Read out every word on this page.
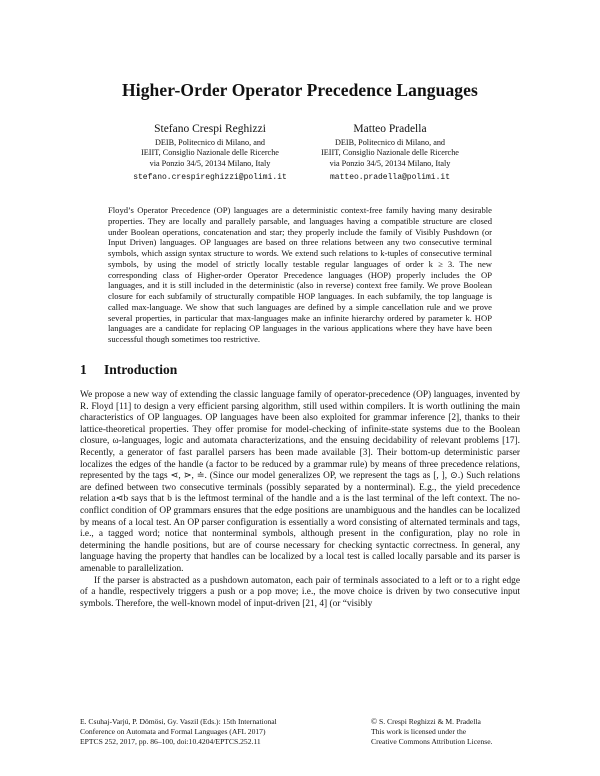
Higher-Order Operator Precedence Languages
Stefano Crespi Reghizzi
DEIB, Politecnico di Milano, and
IEIIT, Consiglio Nazionale delle Ricerche
via Ponzio 34/5, 20134 Milano, Italy
stefano.crespireghizzi@polimi.it
Matteo Pradella
DEIB, Politecnico di Milano, and
IEIIT, Consiglio Nazionale delle Ricerche
via Ponzio 34/5, 20134 Milano, Italy
matteo.pradella@polimi.it

Floyd’s Operator Precedence (OP) languages are a deterministic context-free family having many desirable properties. They are locally and parallely parsable, and languages having a compatible structure are closed under Boolean operations, concatenation and star; they properly include the family of Visibly Pushdown (or Input Driven) languages. OP languages are based on three relations between any two consecutive terminal symbols, which assign syntax structure to words. We extend such relations to k-tuples of consecutive terminal symbols, by using the model of strictly locally testable regular languages of order k ≥ 3. The new corresponding class of Higher-order Operator Precedence languages (HOP) properly includes the OP languages, and it is still included in the deterministic (also in reverse) context free family. We prove Boolean closure for each subfamily of structurally compatible HOP languages. In each subfamily, the top language is called max-language. We show that such languages are defined by a simple cancellation rule and we prove several properties, in particular that max-languages make an infinite hierarchy ordered by parameter k. HOP languages are a candidate for replacing OP languages in the various applications where they have have been successful though sometimes too restrictive.

1 Introduction

We propose a new way of extending the classic language family of operator-precedence (OP) languages, invented by R. Floyd [11] to design a very efficient parsing algorithm, still used within compilers. It is worth outlining the main characteristics of OP languages. OP languages have been also exploited for grammar inference [2], thanks to their lattice-theoretical properties. They offer promise for model-checking of infinite-state systems due to the Boolean closure, ω-languages, logic and automata characterizations, and the ensuing decidability of relevant problems [17]. Recently, a generator of fast parallel parsers has been made available [3]. Their bottom-up deterministic parser localizes the edges of the handle (a factor to be reduced by a grammar rule) by means of three precedence relations, represented by the tags ⋖, ⋗, ≐. (Since our model generalizes OP, we represent the tags as [, ], ⊙.) Such relations are defined between two consecutive terminals (possibly separated by a nonterminal). E.g., the yield precedence relation a⋖b says that b is the leftmost terminal of the handle and a is the last terminal of the left context. The no-conflict condition of OP grammars ensures that the edge positions are unambiguous and the handles can be localized by means of a local test. An OP parser configuration is essentially a word consisting of alternated terminals and tags, i.e., a tagged word; notice that nonterminal symbols, although present in the configuration, play no role in determining the handle positions, but are of course necessary for checking syntactic correctness. In general, any language having the property that handles can be localized by a local test is called locally parsable and its parser is amenable to parallelization.

If the parser is abstracted as a pushdown automaton, each pair of terminals associated to a left or to a right edge of a handle, respectively triggers a push or a pop move; i.e., the move choice is driven by two consecutive input symbols. Therefore, the well-known model of input-driven [21, 4] (or “visibly

E. Csuhaj-Varjú, P. Dömösi, Gy. Vaszil (Eds.): 15th International
Conference on Automata and Formal Languages (AFL 2017)
EPTCS 252, 2017, pp. 86–100, doi:10.4204/EPTCS.252.11
© S. Crespi Reghizzi & M. Pradella
This work is licensed under the
Creative Commons Attribution License.
